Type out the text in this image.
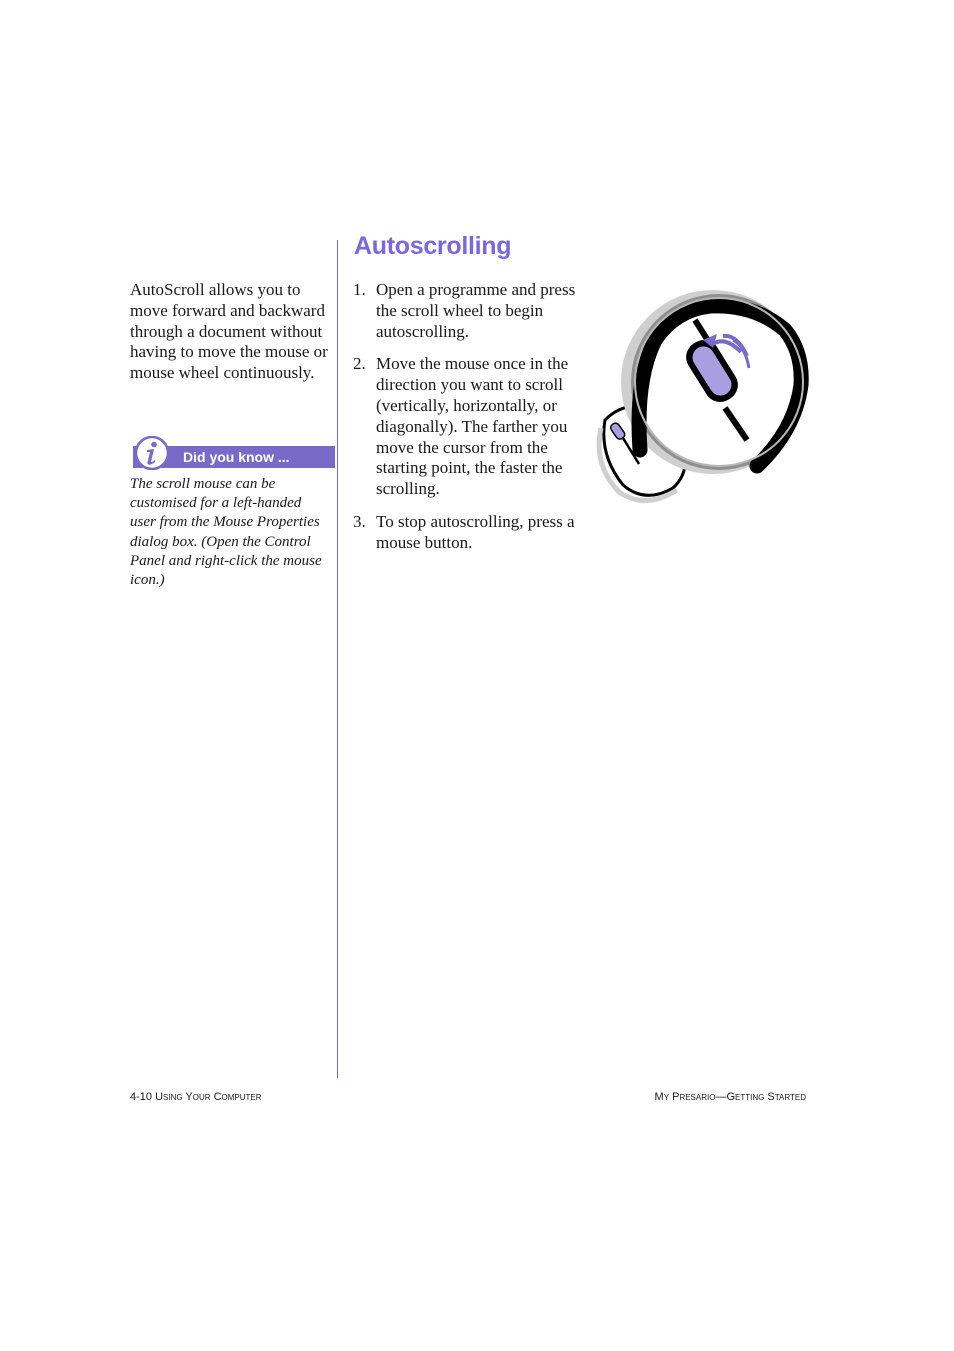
Autoscrolling

AutoScroll allows you to move forward and backward through a document without having to move the mouse or mouse wheel continuously.

Did you know ...

The scroll mouse can be customised for a left-handed user from the Mouse Properties dialog box. (Open the Control Panel and right-click the mouse icon.)

1. Open a programme and press the scroll wheel to begin autoscrolling.
2. Move the mouse once in the direction you want to scroll (vertically, horizontally, or diagonally). The farther you move the cursor from the starting point, the faster the scrolling.
3. To stop autoscrolling, press a mouse button.
4-10 Using Your Computer	My Presario—Getting Started
